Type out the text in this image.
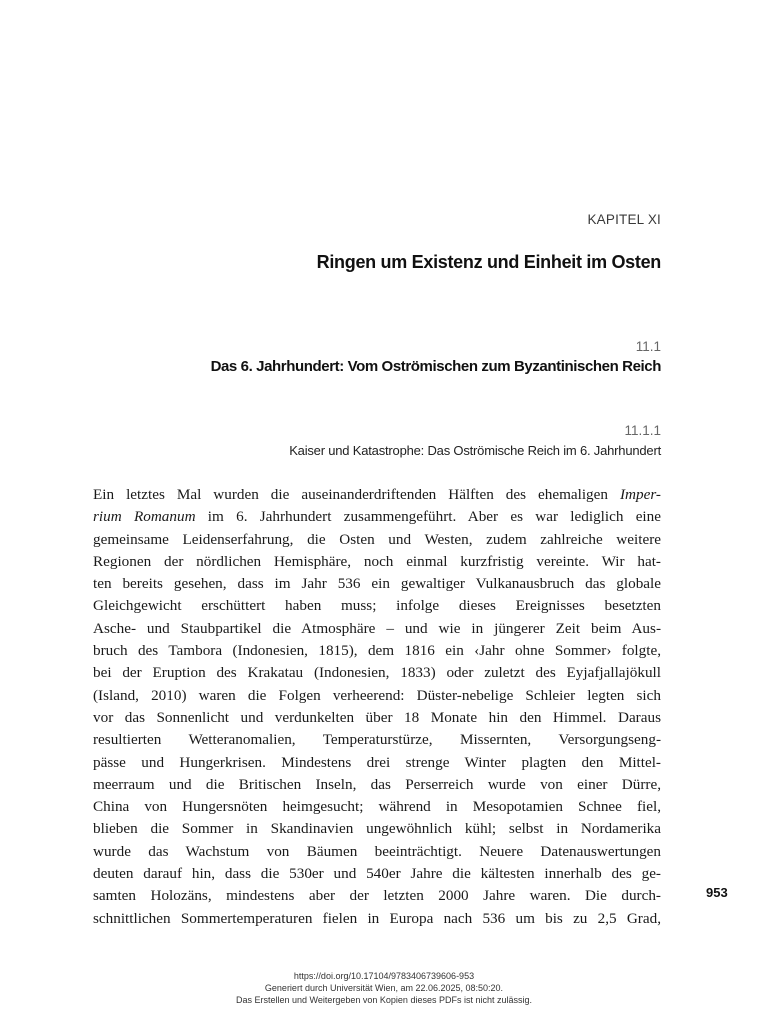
KAPITEL XI
Ringen um Existenz und Einheit im Osten
11.1
Das 6. Jahrhundert: Vom Oströmischen zum Byzantinischen Reich
11.1.1
Kaiser und Katastrophe: Das Oströmische Reich im 6. Jahrhundert
Ein letztes Mal wurden die auseinanderdriftenden Hälften des ehemaligen Imper-
rium Romanum im 6. Jahrhundert zusammengeführt. Aber es war lediglich eine
gemeinsame Leidenserfahrung, die Osten und Westen, zudem zahlreiche weitere
Regionen der nördlichen Hemisphäre, noch einmal kurzfristig vereinte. Wir hat-
ten bereits gesehen, dass im Jahr 536 ein gewaltiger Vulkanausbruch das globale
Gleichgewicht erschüttert haben muss; infolge dieses Ereignisses besetzten
Asche- und Staubpartikel die Atmosphäre – und wie in jüngerer Zeit beim Aus-
bruch des Tambora (Indonesien, 1815), dem 1816 ein ‹Jahr ohne Sommer› folgte,
bei der Eruption des Krakatau (Indonesien, 1833) oder zuletzt des Eyjafjallajökull
(Island, 2010) waren die Folgen verheerend: Düster-nebelige Schleier legten sich
vor das Sonnenlicht und verdunkelten über 18 Monate hin den Himmel. Daraus
resultierten Wetteranomalien, Temperaturstürze, Missernten, Versorgungseng-
pässe und Hungerkrisen. Mindestens drei strenge Winter plagten den Mittel-
meerraum und die Britischen Inseln, das Perserreich wurde von einer Dürre,
China von Hungersnöten heimgesucht; während in Mesopotamien Schnee fiel,
blieben die Sommer in Skandinavien ungewöhnlich kühl; selbst in Nordamerika
wurde das Wachstum von Bäumen beeinträchtigt. Neuere Datenauswertungen
deuten darauf hin, dass die 530er und 540er Jahre die kältesten innerhalb des ge-
samten Holozäns, mindestens aber der letzten 2000 Jahre waren. Die durch-
schnittlichen Sommertemperaturen fielen in Europa nach 536 um bis zu 2,5 Grad,
953
https://doi.org/10.17104/9783406739606-953
Generiert durch Universität Wien, am 22.06.2025, 08:50:20.
Das Erstellen und Weitergeben von Kopien dieses PDFs ist nicht zulässig.
